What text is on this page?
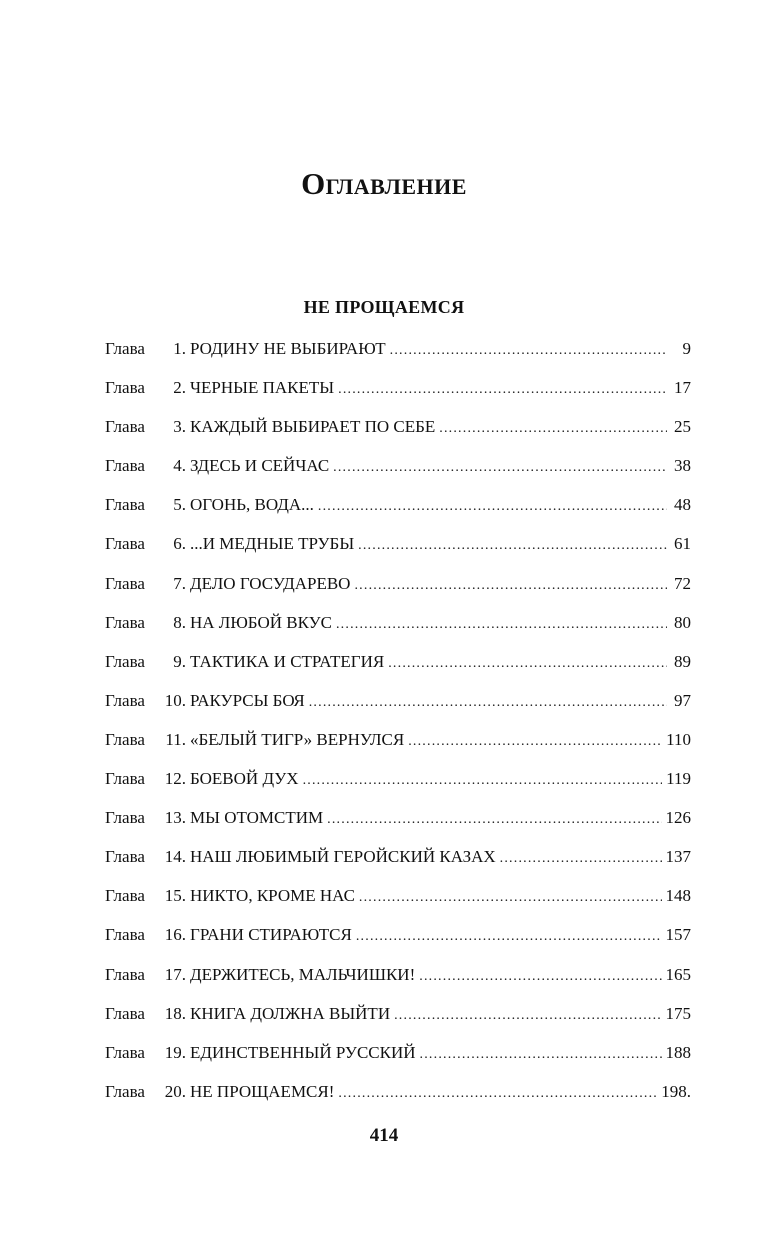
Оглавление
НЕ ПРОЩАЕМСЯ
Глава	1. РОДИНУ НЕ ВЫБИРАЮТ .....	9
Глава	2. ЧЕРНЫЕ ПАКЕТЫ .....	17
Глава	3. КАЖДЫЙ ВЫБИРАЕТ ПО СЕБЕ .....	25
Глава	4. ЗДЕСЬ И СЕЙЧАС .....	38
Глава	5. ОГОНЬ, ВОДА... .....	48
Глава	6. ...И МЕДНЫЕ ТРУБЫ .....	61
Глава	7. ДЕЛО ГОСУДАРЕВО .....	72
Глава	8. НА ЛЮБОЙ ВКУС .....	80
Глава	9. ТАКТИКА И СТРАТЕГИЯ .....	89
Глава	10. РАКУРСЫ БОЯ .....	97
Глава	11. «БЕЛЫЙ ТИГР» ВЕРНУЛСЯ .....	110
Глава	12. БОЕВОЙ ДУХ .....	119
Глава	13. МЫ ОТОМСТИМ .....	126
Глава	14. НАШ ЛЮБИМЫЙ ГЕРОЙСКИЙ КАЗАХ .....	137
Глава	15. НИКТО, КРОМЕ НАС .....	148
Глава	16. ГРАНИ СТИРАЮТСЯ .....	157
Глава	17. ДЕРЖИТЕСЬ, МАЛЬЧИШКИ! .....	165
Глава	18. КНИГА ДОЛЖНА ВЫЙТИ .....	175
Глава	19. ЕДИНСТВЕННЫЙ РУССКИЙ .....	188
Глава	20. НЕ ПРОЩАЕМСЯ! .....	198.
414
